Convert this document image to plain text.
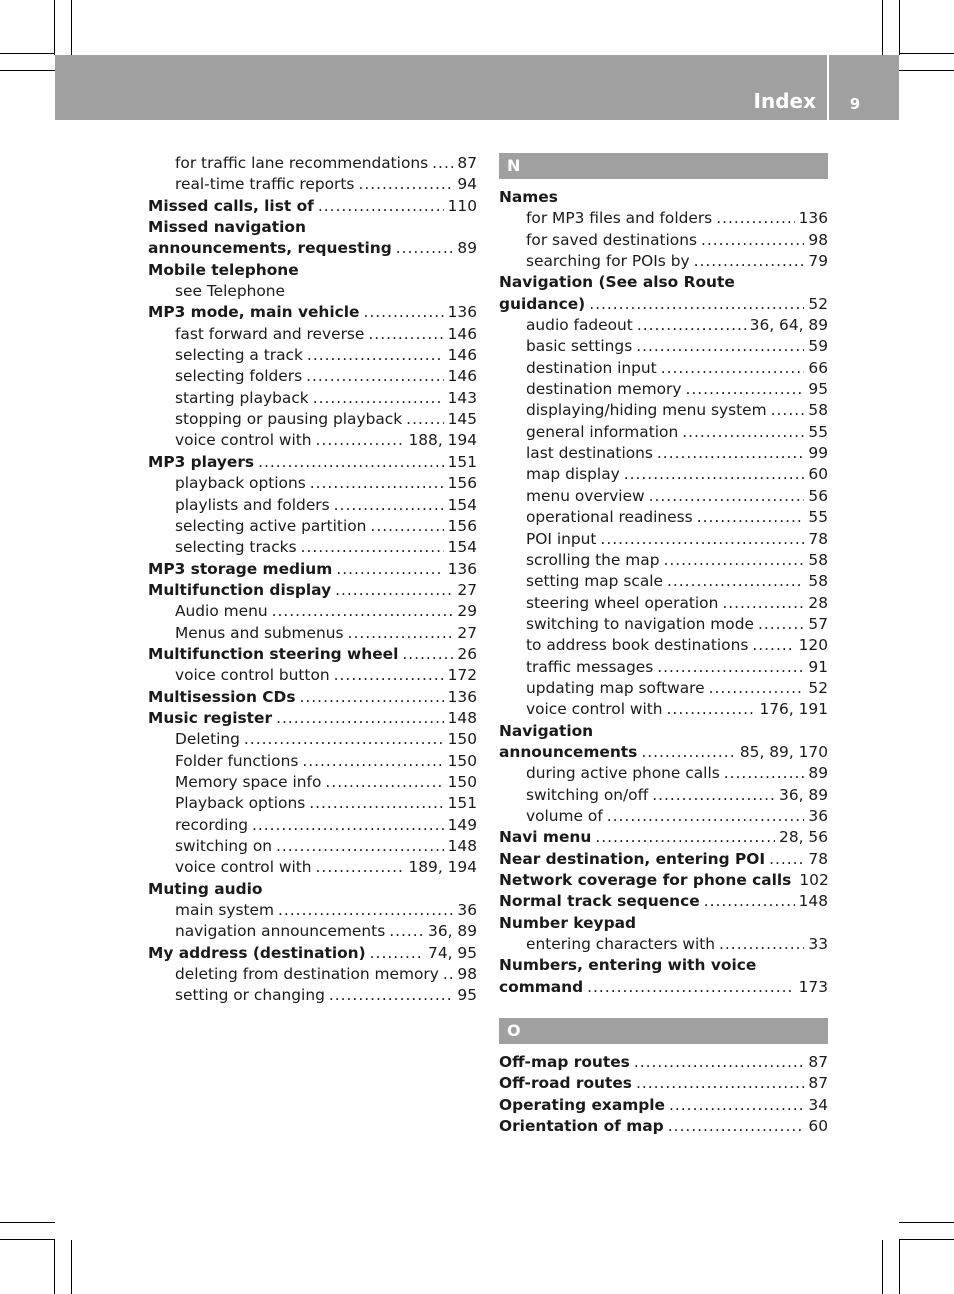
Index	9
for traffic lane recommendations ..... 87
real-time traffic reports .....	94
Missed calls, list of .....	110
Missed navigation
announcements, requesting .....	89
Mobile telephone
see Telephone
MP3 mode, main vehicle .....	136
fast forward and reverse .....	146
selecting a track .....	146
selecting folders .....	146
starting playback .....	143
stopping or pausing playback .....	145
voice control with .....	188, 194
MP3 players .....	151
playback options .....	156
playlists and folders .....	154
selecting active partition .....	156
selecting tracks .....	154
MP3 storage medium .....	136
Multifunction display .....	27
Audio menu .....	29
Menus and submenus .....	27
Multifunction steering wheel .....	26
voice control button .....	172
Multisession CDs .....	136
Music register .....	148
Deleting .....	150
Folder functions .....	150
Memory space info .....	150
Playback options .....	151
recording .....	149
switching on .....	148
voice control with .....	189, 194
Muting audio
main system .....	36
navigation announcements .....	36, 89
My address (destination) .....	74, 95
deleting from destination memory ..... 98
setting or changing .....	95
N
Names
for MP3 files and folders .....	136
for saved destinations .....	98
searching for POIs by .....	79
Navigation (See also Route
guidance) .....	52
audio fadeout .....	36, 64, 89
basic settings .....	59
destination input .....	66
destination memory .....	95
displaying/hiding menu system .....	58
general information .....	55
last destinations .....	99
map display .....	60
menu overview .....	56
operational readiness .....	55
POI input .....	78
scrolling the map .....	58
setting map scale .....	58
steering wheel operation .....	28
switching to navigation mode .....	57
to address book destinations .....	120
traffic messages .....	91
updating map software .....	52
voice control with .....	176, 191
Navigation
announcements .....	85, 89, 170
during active phone calls .....	89
switching on/off .....	36, 89
volume of .....	36
Navi menu .....	28, 56
Near destination, entering POI .....	78
Network coverage for phone calls 102
Normal track sequence .....	148
Number keypad
entering characters with .....	33
Numbers, entering with voice
command .....	173
O
Off-map routes .....	87
Off-road routes .....	87
Operating example .....	34
Orientation of map .....	60
